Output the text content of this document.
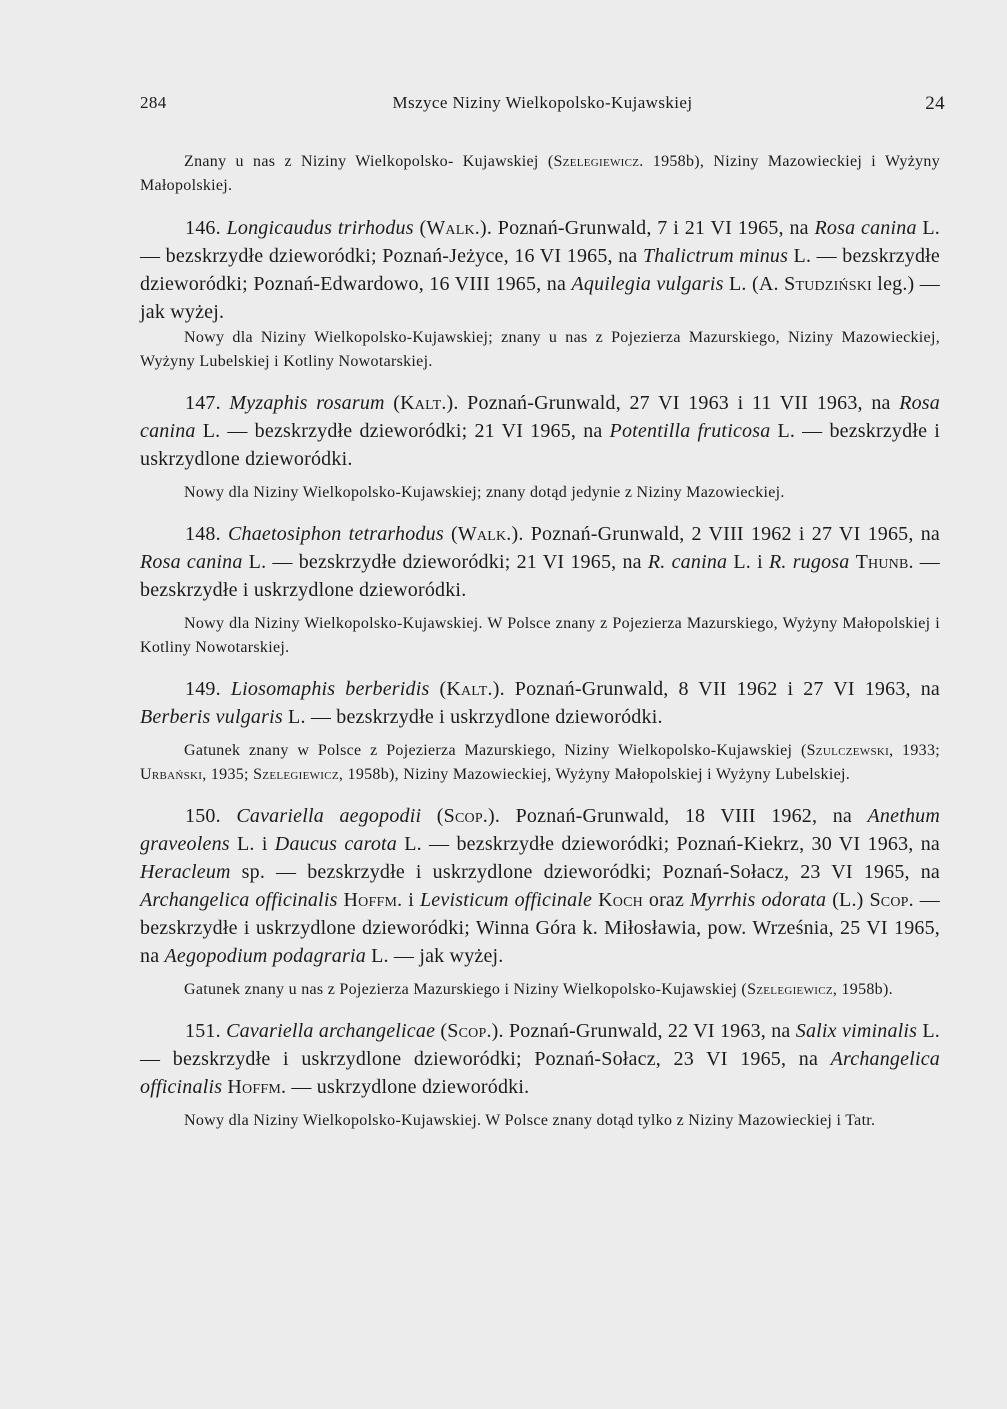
284	Mszyce Niziny Wielkopolsko-Kujawskiej	24

Znany u nas z Niziny Wielkopolsko- Kujawskiej (Szelegiewicz. 1958b), Niziny Mazowieckiej i Wyżyny Małopolskiej.

146. Longicaudus trirhodus (Walk.). Poznań-Grunwald, 7 i 21 VI 1965, na Rosa canina L. — bezskrzydłe dzieworódki; Poznań-Jeżyce, 16 VI 1965, na Thalictrum minus L. — bezskrzydłe dzieworódki; Poznań-Edwardowo, 16 VIII 1965, na Aquilegia vulgaris L. (A. Studziński leg.) — jak wyżej.

Nowy dla Niziny Wielkopolsko-Kujawskiej; znany u nas z Pojezierza Mazurskiego, Niziny Mazowieckiej, Wyżyny Lubelskiej i Kotliny Nowotarskiej.

147. Myzaphis rosarum (Kalt.). Poznań-Grunwald, 27 VI 1963 i 11 VII 1963, na Rosa canina L. — bezskrzydłe dzieworódki; 21 VI 1965, na Potentilla fruticosa L. — bezskrzydłe i uskrzydlone dzieworódki.

Nowy dla Niziny Wielkopolsko-Kujawskiej; znany dotąd jedynie z Niziny Mazowieckiej.

148. Chaetosiphon tetrarhodus (Walk.). Poznań-Grunwald, 2 VIII 1962 i 27 VI 1965, na Rosa canina L. — bezskrzydłe dzieworódki; 21 VI 1965, na R. canina L. i R. rugosa Thunb. — bezskrzydłe i uskrzydlone dzieworódki.

Nowy dla Niziny Wielkopolsko-Kujawskiej. W Polsce znany z Pojezierza Mazurskiego, Wyżyny Małopolskiej i Kotliny Nowotarskiej.

149. Liosomaphis berberidis (Kalt.). Poznań-Grunwald, 8 VII 1962 i 27 VI 1963, na Berberis vulgaris L. — bezskrzydłe i uskrzydlone dzieworódki.

Gatunek znany w Polsce z Pojezierza Mazurskiego, Niziny Wielkopolsko-Kujawskiej (Szulczewski, 1933; Urbański, 1935; Szelegiewicz, 1958b), Niziny Mazowieckiej, Wyżyny Małopolskiej i Wyżyny Lubelskiej.

150. Cavariella aegopodii (Scop.). Poznań-Grunwald, 18 VIII 1962, na Anethum graveolens L. i Daucus carota L. — bezskrzydłe dzieworódki; Poznań-Kiekrz, 30 VI 1963, na Heracleum sp. — bezskrzydłe i uskrzydlone dzieworódki; Poznań-Sołacz, 23 VI 1965, na Archangelica officinalis Hoffm. i Levisticum officinale Koch oraz Myrrhis odorata (L.) Scop. — bezskrzydłe i uskrzydlone dzieworódki; Winna Góra k. Miłosławia, pow. Września, 25 VI 1965, na Aegopodium podagraria L. — jak wyżej.

Gatunek znany u nas z Pojezierza Mazurskiego i Niziny Wielkopolsko-Kujawskiej (Szelegiewicz, 1958b).

151. Cavariella archangelicae (Scop.). Poznań-Grunwald, 22 VI 1963, na Salix viminalis L. — bezskrzydłe i uskrzydlone dzieworódki; Poznań-Sołacz, 23 VI 1965, na Archangelica officinalis Hoffm. — uskrzydlone dzieworódki.

Nowy dla Niziny Wielkopolsko-Kujawskiej. W Polsce znany dotąd tylko z Niziny Mazowieckiej i Tatr.
